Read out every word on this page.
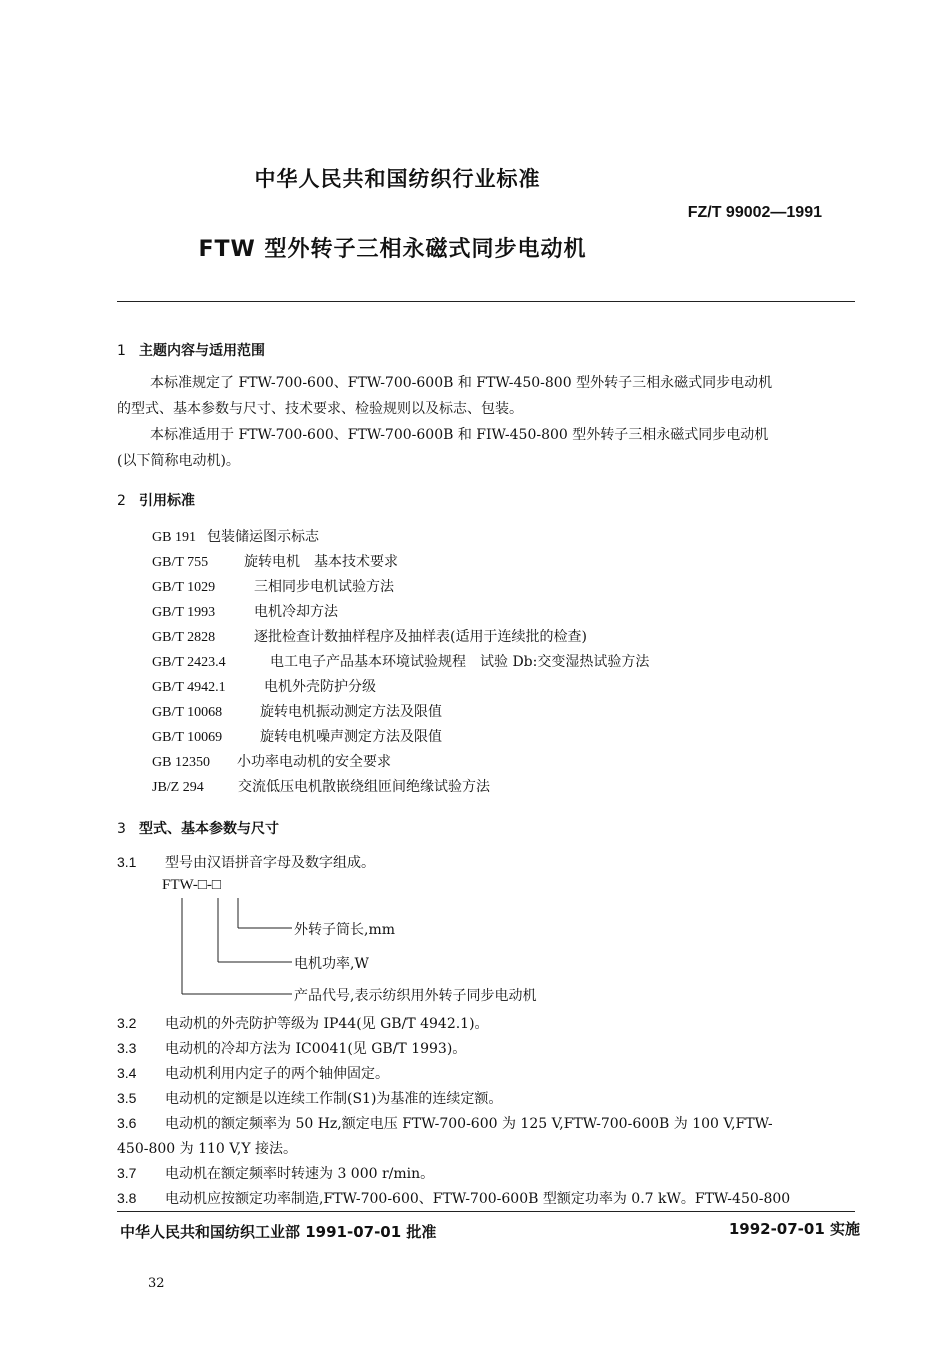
中华人民共和国纺织行业标准
FZ/T 99002—1991
FTW 型外转子三相永磁式同步电动机
1 主题内容与适用范围
本标准规定了 FTW-700-600、FTW-700-600B 和 FTW-450-800 型外转子三相永磁式同步电动机
的型式、基本参数与尺寸、技术要求、检验规则以及标志、包装。
本标准适用于 FTW-700-600、FTW-700-600B 和 FIW-450-800 型外转子三相永磁式同步电动机
(以下简称电动机)。
2 引用标准
GB 191 包装储运图示标志
GB/T 755	旋转电机　基本技术要求
GB/T 1029	三相同步电机试验方法
GB/T 1993	电机冷却方法
GB/T 2828	逐批检查计数抽样程序及抽样表(适用于连续批的检查)
GB/T 2423.4	电工电子产品基本环境试验规程　试验 Db:交变湿热试验方法
GB/T 4942.1	电机外壳防护分级
GB/T 10068	旋转电机振动测定方法及限值
GB/T 10069	旋转电机噪声测定方法及限值
GB 12350 小功率电动机的安全要求
JB/Z 294 交流低压电机散嵌绕组匝间绝缘试验方法
3 型式、基本参数与尺寸
3.1 型号由汉语拼音字母及数字组成。
FTW-□-□
外转子筒长,mm
电机功率,W
产品代号,表示纺织用外转子同步电动机
3.2 电动机的外壳防护等级为 IP44(见 GB/T 4942.1)。
3.3 电动机的冷却方法为 IC0041(见 GB/T 1993)。
3.4 电动机利用内定子的两个轴伸固定。
3.5 电动机的定额是以连续工作制(S1)为基准的连续定额。
3.6 电动机的额定频率为 50 Hz,额定电压 FTW-700-600 为 125 V,FTW-700-600B 为 100 V,FTW-
450-800 为 110 V,Y 接法。
3.7 电动机在额定频率时转速为 3 000 r/min。
3.8 电动机应按额定功率制造,FTW-700-600、FTW-700-600B 型额定功率为 0.7 kW。FTW-450-800
中华人民共和国纺织工业部 1991-07-01 批准	1992-07-01 实施
32
